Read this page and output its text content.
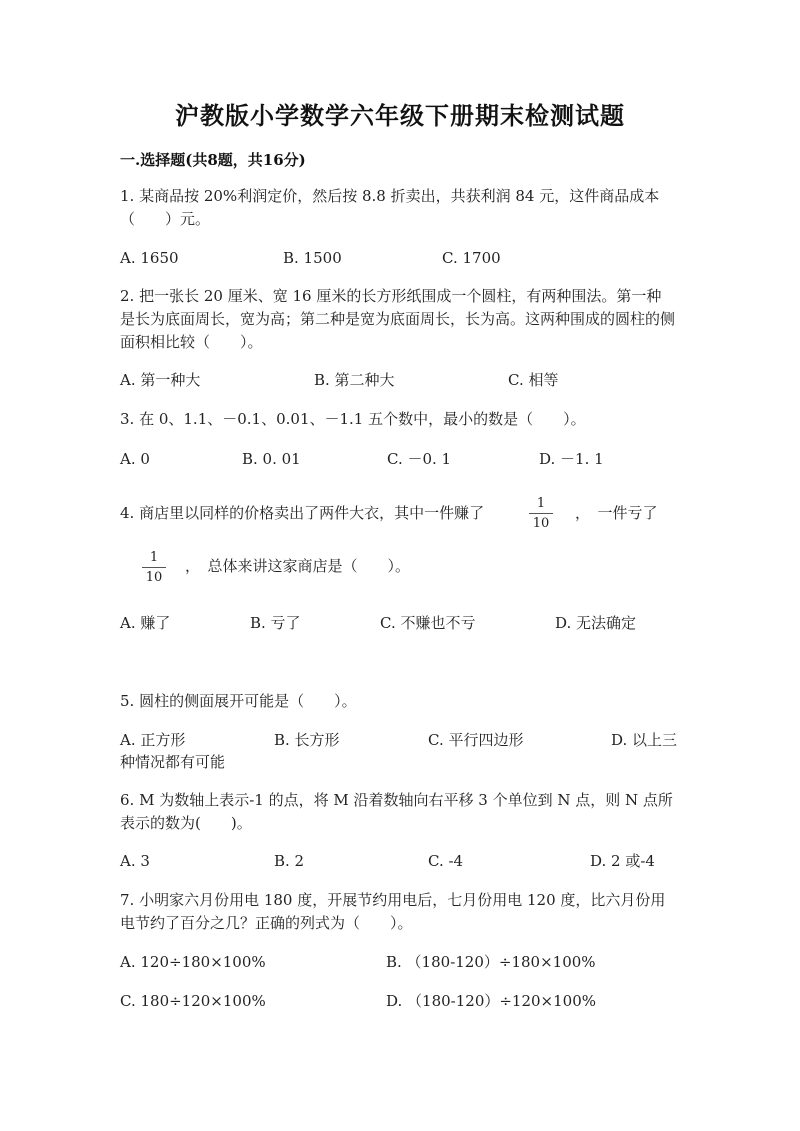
沪教版小学数学六年级下册期末检测试题
一.选择题(共8题，共16分)
1. 某商品按 20%利润定价，然后按 8.8 折卖出，共获利润 84 元，这件商品成本（　　）元。
A. 1650	B. 1500	C. 1700
2. 把一张长 20 厘米、宽 16 厘米的长方形纸围成一个圆柱，有两种围法。第一种是长为底面周长，宽为高；第二种是宽为底面周长，长为高。这两种围成的圆柱的侧面积相比较（　　）。
A. 第一种大	B. 第二种大	C. 相等
3. 在 0、1.1、－0.1、0.01、－1.1 五个数中，最小的数是（　　）。
A. 0	B. 0. 01	C. －0. 1	D. －1. 1
4. 商店里以同样的价格卖出了两件大衣，其中一件赚了
1
10
，　一件亏了
1
10
，　总体来讲这家商店是（　　）。
A. 赚了	B. 亏了	C. 不赚也不亏	D. 无法确定
5. 圆柱的侧面展开可能是（　　）。
A. 正方形	B. 长方形	C. 平行四边形	D. 以上三
种情况都有可能
6. M 为数轴上表示-1 的点，将 M 沿着数轴向右平移 3 个单位到 N 点，则 N 点所表示的数为(　　)。
A. 3	B. 2	C. -4	D. 2 或-4
7. 小明家六月份用电 180 度，开展节约用电后，七月份用电 120 度，比六月份用电节约了百分之几？正确的列式为（　　）。
A. 120÷180×100%	B. （180-120）÷180×100%
C. 180÷120×100%	D. （180-120）÷120×100%
